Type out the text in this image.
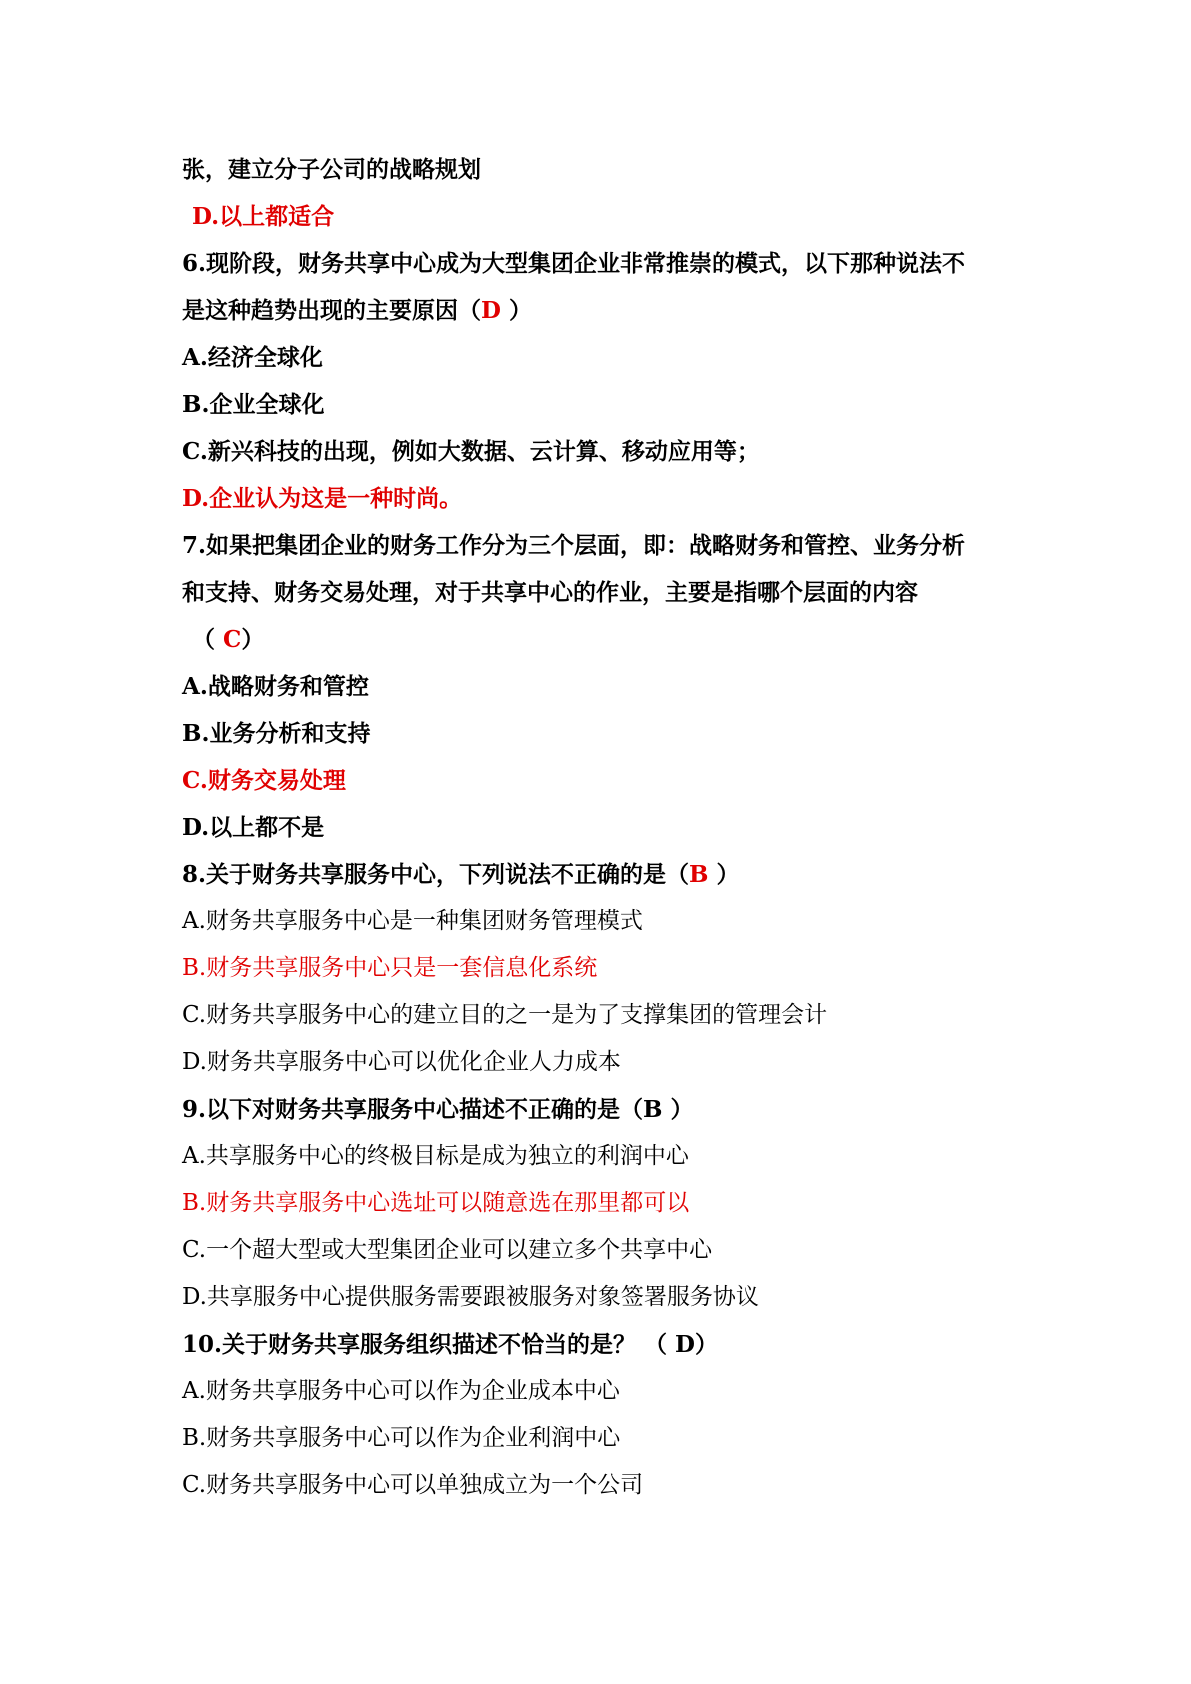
张，建立分子公司的战略规划
D.以上都适合
6.现阶段，财务共享中心成为大型集团企业非常推崇的模式，以下那种说法不
是这种趋势出现的主要原因（D ）
A.经济全球化
B.企业全球化
C.新兴科技的出现，例如大数据、云计算、移动应用等；
D.企业认为这是一种时尚。
7.如果把集团企业的财务工作分为三个层面，即：战略财务和管控、业务分析
和支持、财务交易处理，对于共享中心的作业，主要是指哪个层面的内容
（ C）
A.战略财务和管控
B.业务分析和支持
C.财务交易处理
D.以上都不是
8.关于财务共享服务中心，下列说法不正确的是（B ）
A.财务共享服务中心是一种集团财务管理模式
B.财务共享服务中心只是一套信息化系统
C.财务共享服务中心的建立目的之一是为了支撑集团的管理会计
D.财务共享服务中心可以优化企业人力成本
9.以下对财务共享服务中心描述不正确的是（B ）
A.共享服务中心的终极目标是成为独立的利润中心
B.财务共享服务中心选址可以随意选在那里都可以
C.一个超大型或大型集团企业可以建立多个共享中心
D.共享服务中心提供服务需要跟被服务对象签署服务协议
10.关于财务共享服务组织描述不恰当的是？ （ D）
A.财务共享服务中心可以作为企业成本中心
B.财务共享服务中心可以作为企业利润中心
C.财务共享服务中心可以单独成立为一个公司
